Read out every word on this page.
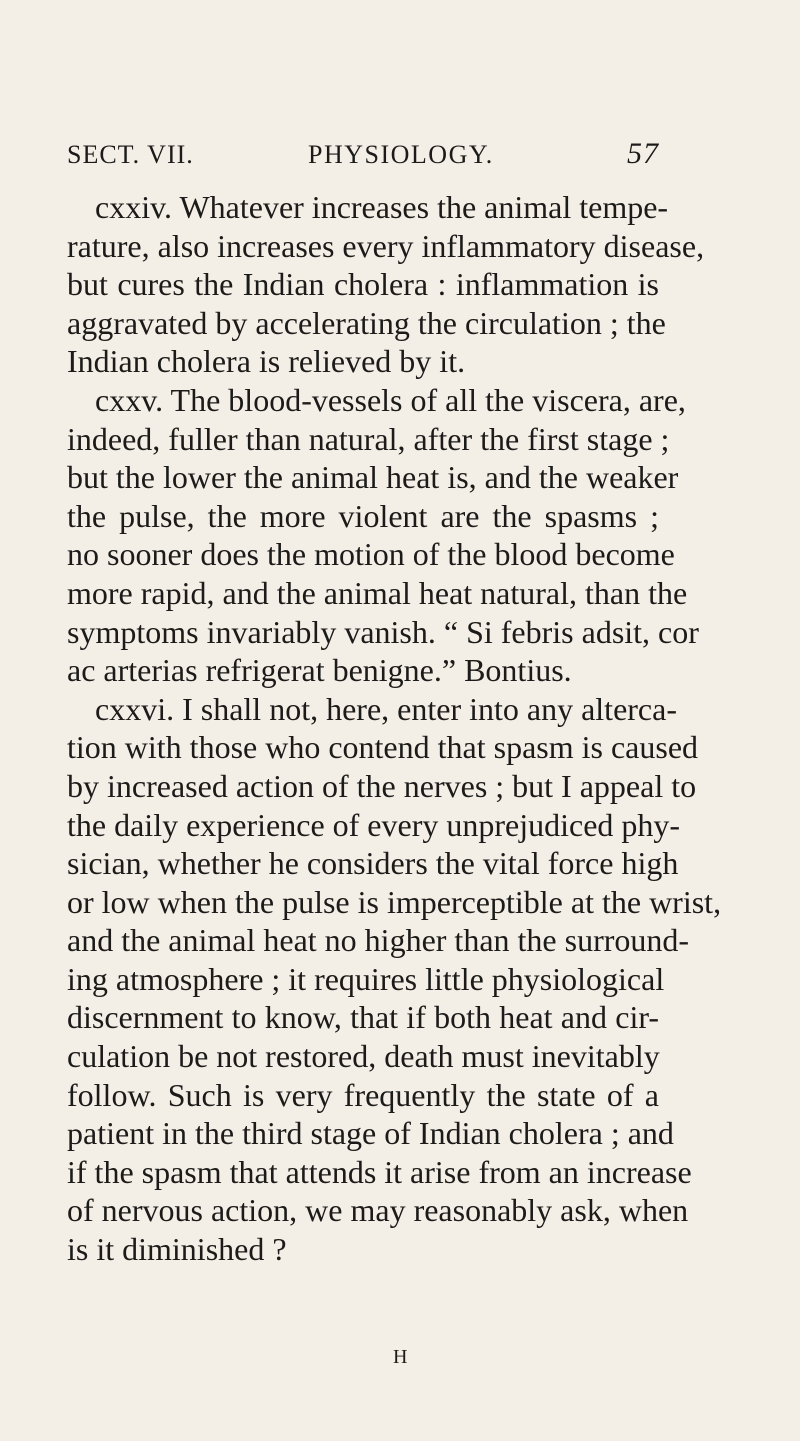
SECT. VII.	PHYSIOLOGY.	57
cxxiv. Whatever increases the animal tempe-
rature, also increases every inflammatory disease,
but cures the Indian cholera : inflammation is
aggravated by accelerating the circulation ; the
Indian cholera is relieved by it.
cxxv. The blood-vessels of all the viscera, are,
indeed, fuller than natural, after the first stage ;
but the lower the animal heat is, and the weaker
the pulse, the more violent are the spasms ;
no sooner does the motion of the blood become
more rapid, and the animal heat natural, than the
symptoms invariably vanish. “ Si febris adsit, cor
ac arterias refrigerat benigne.” Bontius.
cxxvi. I shall not, here, enter into any alterca-
tion with those who contend that spasm is caused
by increased action of the nerves ; but I appeal to
the daily experience of every unprejudiced phy-
sician, whether he considers the vital force high
or low when the pulse is imperceptible at the wrist,
and the animal heat no higher than the surround-
ing atmosphere ; it requires little physiological
discernment to know, that if both heat and cir-
culation be not restored, death must inevitably
follow. Such is very frequently the state of a
patient in the third stage of Indian cholera ; and
if the spasm that attends it arise from an increase
of nervous action, we may reasonably ask, when
is it diminished ?
H
